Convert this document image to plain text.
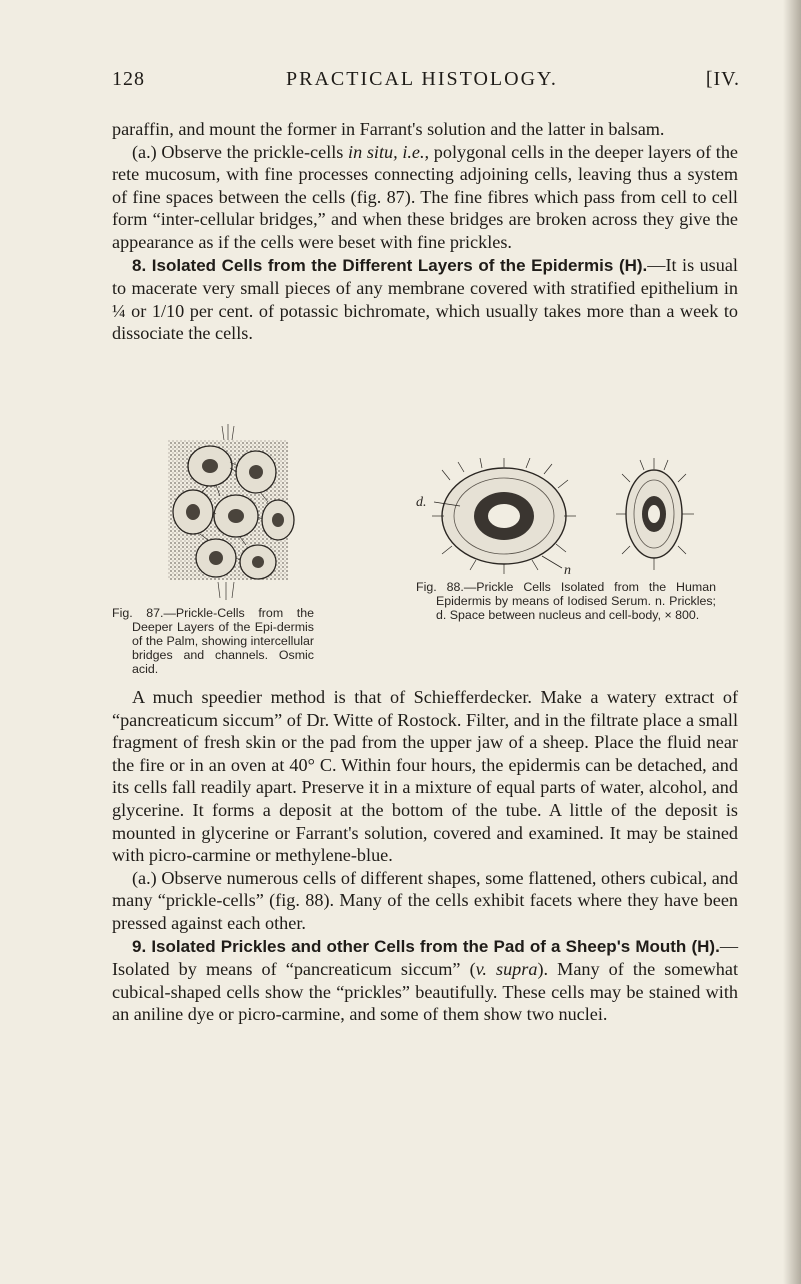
128	PRACTICAL HISTOLOGY.	[IV.

paraffin, and mount the former in Farrant's solution and the latter in balsam.

(a.) Observe the prickle-cells in situ, i.e., polygonal cells in the deeper layers of the rete mucosum, with fine processes connecting adjoining cells, leaving thus a system of fine spaces between the cells (fig. 87). The fine fibres which pass from cell to cell form “inter-cellular bridges,” and when these bridges are broken across they give the appearance as if the cells were beset with fine prickles.

8. Isolated Cells from the Different Layers of the Epidermis (H).—It is usual to macerate very small pieces of any membrane covered with stratified epithelium in ¼ or 1/10 per cent. of potassic bichromate, which usually takes more than a week to dissociate the cells.

Fig. 87.—Prickle-Cells from the Deeper Layers of the Epi-dermis of the Palm, showing intercellular bridges and channels. Osmic acid.
d.
n
Fig. 88.—Prickle Cells Isolated from the Human Epidermis by means of Iodised Serum. n. Prickles; d. Space between nucleus and cell-body, × 800.

A much speedier method is that of Schiefferdecker. Make a watery extract of “pancreaticum siccum” of Dr. Witte of Rostock. Filter, and in the filtrate place a small fragment of fresh skin or the pad from the upper jaw of a sheep. Place the fluid near the fire or in an oven at 40° C. Within four hours, the epidermis can be detached, and its cells fall readily apart. Preserve it in a mixture of equal parts of water, alcohol, and glycerine. It forms a deposit at the bottom of the tube. A little of the deposit is mounted in glycerine or Farrant's solution, covered and examined. It may be stained with picro-carmine or methylene-blue.

(a.) Observe numerous cells of different shapes, some flattened, others cubical, and many “prickle-cells” (fig. 88). Many of the cells exhibit facets where they have been pressed against each other.

9. Isolated Prickles and other Cells from the Pad of a Sheep's Mouth (H).—Isolated by means of “pancreaticum siccum” (v. supra). Many of the somewhat cubical-shaped cells show the “prickles” beautifully. These cells may be stained with an aniline dye or picro-carmine, and some of them show two nuclei.
